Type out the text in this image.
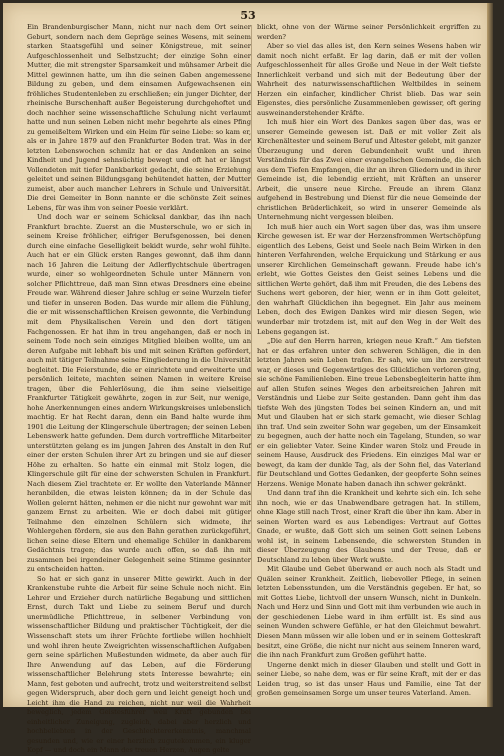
53

Ein Brandenburgischer Mann, nicht nur nach dem Ort seiner Geburt, sondern nach dem Gepräge seines Wesens, mit seinem starken Staatsgefühl und seiner Königstreue, mit seiner Aufgeschlossenheit und Selbstzucht; der einzige Sohn einer Mutter, die mit strengster Sparsamkeit und mühsamer Arbeit die Mittel gewinnen hatte, um ihn die seinen Gaben angemessene Bildung zu geben, und dem einsamen Aufgewachsenen ein fröhliches Studentenleben zu erschließen; ein junger Dichter, der rheinische Burschenhaft außer Begeisterung durchgehoftet und doch nachher seine wissenschaftliche Schulung nicht verlaumt hatte und nun seinen Leben nicht mehr begehrte als eines Pfing zu gemeißeltem Wirken und ein Heim für seine Liebe: so kam er, als er in Jahre 1879 auf den Frankfurter Boden trat. Was in der letzten Lebenswochen schmilz hat er das Andenken an seine Kindheit und Jugend sehnsüchtig bewegt und oft hat er längst Vollendeten mit tiefer Dankbarkeit gedacht, die seine Erziehung geleitet und seinen Bildungsgang behütendet hatten, der Mutter zumeist, aber auch mancher Lehrers in Schule und Universität. Die drei Gemeiter in Bonn nannte er die schönste Zeit seines Lebens, für was ihm von seiner Poesie verklärt.

Und doch war er seinem Schicksal dankbar, das ihn nach Frankfurt brachte. Zuerst an die Musterschule, wo er sich in seinem Kreise fröhlicher, eifriger Berufsgenossen, bei denen durch eine einfache Geselligkeit bekidt wurde, sehr wohl fühlte. Auch hat er ein Glück ersten Ranges gewonnt, daß ihm dann nach 16 Jahren die Leitung der Adlerflychtschule übertragen wurde, einer so wohlgeordneten Schule unter Männern von solcher Pflichttreue, daß man Sinn etwas Dresdners eine ebeine Freude war. Während dieser Jahre schlug er seine Wurzeln tiefer und tiefer in unseren Boden. Das wurde mir allem die Fühlung, die er mit wissenschaftlichen Kreisen gewonnte, die Verbindung mit dem Physikalischen Verein und den dort tätigen Fachgenossen. Er hat ihm in treu angehangen, daß er noch in seinem Tode noch sein einziges Mitglied bleiben wollte, um an deren Aufgabe mit lebhaft bis und mit seinen Kräften gefördert, auch mit tätiger Teilnahme seine Eingliederung in die Universität begleitet. Die Feierstunde, die er einrichtete und erweiterte und persönlich leitete, machten seinen Namen in weitere Kreise tragen, über die Fehlerlösung, die ihm seine vielseitige Frankfurter Tätigkeit gewährte, zogen in zur Seit, nur wenige, hohe Anerkennungen eines andern Wirkungskreises unlebenslich machtig. Er hat Recht daran, denn ein Band halte wurde ihm 1901 die Leitung der Klingerschule übertragen; der seinen Leben Lebenswerk hatte gefunden. Dem durch vortreffliche Mitarbeiter unterstützten gelang es im jungen Jahren des Anstalt in den Ruf einer der ersten Schulen ihrer Art zu bringen und sie auf dieser Höhe zu erhalten. So hatte ein einmal mit Stolz logen, die Klingerschule gilt für eine der schwersten Schulen in Frankfurt. Nach diesem Ziel trachtete er. Er wollte den Vaterlande Männer heranbilden, die etwas leisten können; da in der Schule das Wollen gelernt hätten, nehmen er die nicht nur gewohnt war mit ganzem Ernst zu arbeiten. Wie er doch dabei mit gütiger Teilnahme den einzelnen Schülern sich widmete, ihr Wohlergehen fördern, sie aus den Bahn gerathen zurückgeführt, lichen seine diese Eltern und ehemalige Schüler in dankbarem Gedächtnis tragen; das wurde auch offen, so daß ihn mit zusammen bei irgendeiner Gelegenheit seine Stimme gesinnter zu entscheiden hatten.

So hat er sich ganz in unserer Mitte gewirkt. Auch in der Krankenstube ruhte die Arbeit für seine Schule noch nicht. Ein Lehrer und Erzieher durch natürliche Begabung und sittlichen Ernst, durch Takt und Liebe zu seinem Beruf und durch unermüdliche Pflichttreue, in selbener Verbindung von wissenschaftlicher Bildung und praktischer Tüchtigkeit, der die Wissenschaft stets um ihrer Früchte fortliebe willen hochhielt und wohl ihren heute Zweigrichten wissenschaftlichen Aufgaben gern seine spärlichen Mußestunden widmete, da aber auch für Ihre Anwendung auf das Leben, auf die Förderung wissenschaftlicher Belehrung stets Interesse bewahrte; ein Mann, fest geboten und aufrecht, trotz und weiterstreitend selbst gegen Widerspruch, aber doch gern und leicht geneigt hoch und Leicht ihm die Hand zu reichen, nicht nur weil die Wahrheit beweglich, jedem Geistesführer weil Kraft gebunden bei einheitlicher Zuneigung, zugleich, dabei aber herzlich und hochbeliebten in der Geschlechtererkenntnis, manchmal gesunden und, wie er einer herzlich zugutekommen, ein kluger Kopf — und doch ein Mann des treuen Herzen, Augen gelte

blickt, ohne von der Wärme seiner Persönlichkeit ergriffen zu werden?

Aber so viel das alles ist, den Kern seines Wesens haben wir damit noch nicht erfaßt. Er lag darin, daß er mit der vollen Aufgeschlossenheit für alles Große und Neue in der Welt tiefste Innerlichkeit verband und sich mit der Bedeutung über der Wahrheit des naturwissenschaftlichen Weltbildes in seinem Herzen ein einfacher, kindlicher Christ blieb. Das war sein Eigenstes, dies persönliche Zusammenleben gewisser, oft gering ausweinanderstehender Kräfte.

Ich muß hier ein Wort des Dankes sagen über das, was er unserer Gemeinde gewesen ist. Daß er mit voller Zeit als Kirchenältester und seinem Beruf und Ältester gelebt, mit ganzer Überzeugung und deren Gebundenheit wußt und ihren Verständnis für das Zwei einer evangelischen Gemeinde, die sich aus dem Tiefen Empfangen, die ihr an ihren Gliedern und in ihrer Gemeinde ist, die lebendig erzieht, mit Kräften an unserer Arbeit, die unsere neue Kirche. Freude an ihrem Glanz aufgehend in Bestrebung und Dienst für die neue Gemeinde der christlichen Brüderlichkeit, so wird in unserer Gemeinde als Unternehmung nicht vergessen bleiben.

Ich muß hier auch ein Wort sagen über das, was ihm unsere Kirche gewesen ist. Er war der Herzensfrommen Wertschöpfung eigentlich des Lebens, Geist und Seele nach Beim Wirken in den hinteren Verfahrenden, welche Erquickung und Stärkung er aus unserer Kirchlichen Gemeinschaft gewann. Freude habe ich's erlebt, wie Gottes Geistes den Geist seines Lebens und die sittlichen Werte gehört, daß ihm mit Freuden, die des Lebens des Suchens wert geboren, der hier, wenn er in ihm Gott geleitet, den wahrhaft Glücklichen ihn begegnet. Ein Jahr aus meinem Leben, doch des Ewigen Dankes wird mir diesen Segen, wie wunderbar mir trotzdem ist, mit auf den Weg in der Welt des Lebens gegangen ist.

„Die auf den Herrn harren, kriegen neue Kraft.“ Am tiefsten hat er das erfahren unter den schweren Schlägen, die in den letzten Jahren sein Leben trafen. Er sah, wie um ihn zerstreut war, er dieses und Gegenwärtiges des Glücklichen verloren ging, sie schöne Familienleben. Eine treue Lebensbegleiterin hatte ihm auf allen Stufen seines Weges den arbeitsreichen Jahren mit Verständnis und Liebe zur Seite gestanden. Dann geht ihm das tiefste Weh des jüngsten Todes bei seinen Kindern an, und mit Mut und Glauben hat er sich stark gemacht, wie dieser Schlag ihn traf. Und sein zweiter Sohn war gegeben, um der Einsamkeit zu begegnen, auch der hatte noch ein Tagelang, Stunden, so war er ein geliebter Vater. Seine Kinder waren Stolz und Freude in seinem Hause, Ausdruck des Friedens. Ein einziges Mal war er bewegt, da kam der dunkle Tag, als der Sohn fiel, das Vaterland für Deutschland und Gottes Gedanken, der geopferte Sohn seines Herzens. Wenige Monate haben danach ihn schwer gekränkt.

Und dann traf ihn die Krankheit und kehrte sich ein. Ich sehe ihn noch, wie er das Unabwendbare getragen hat. In stillem, ohne Klage still nach Trost, einer Kraft die über ihn kam. Aber in seinen Worten ward es aus Lebendiges: Vertraut auf Gottes Gnade, er wußte, daß Gott sich um seinen Gott seinen Lebens wohl ist, in seinem Lebensende, die schwersten Stunden in dieser Überzeugung des Glaubens und der Treue, daß er Deutschland zu leben über Werk wußte.

Mit Glaube und Gebet überwand er auch noch als Stadt und Quälen seiner Krankheit. Zeitlich, liebevoller Pflege, in seinen letzten Lebensstunden, um die Verständnis gegeben. Er hat, so mit Gottes Liebe, lichtvoll der unsern Wunsch, nicht in Dunkeln. Nach und Herz und Sinn und Gott mit ihm verbunden wie auch in der geschiedenen Liebe ward in ihm erfüllt ist. Es sind aus seinen Wunden schwere Gefühle, er hat den Gleichmut bewahrt. Diesen Mann müssen wir alle loben und er in seinem Gotteskraft besitzt, eine Größe, die nicht nur nicht aus seinem Inneren ward, die ihn nach Frankfurt zum Großen geführt hatte.

Ungerne denkt mich in dieser Glauben und stellt und Gott in seiner Liebe, so nahe dem, was er für seine Kraft, mit der er das Leiden trug, so ist das unser Haus und Familie, eine Tat der großen gemeinsamen Sorge um unser teures Vaterland. Amen.
